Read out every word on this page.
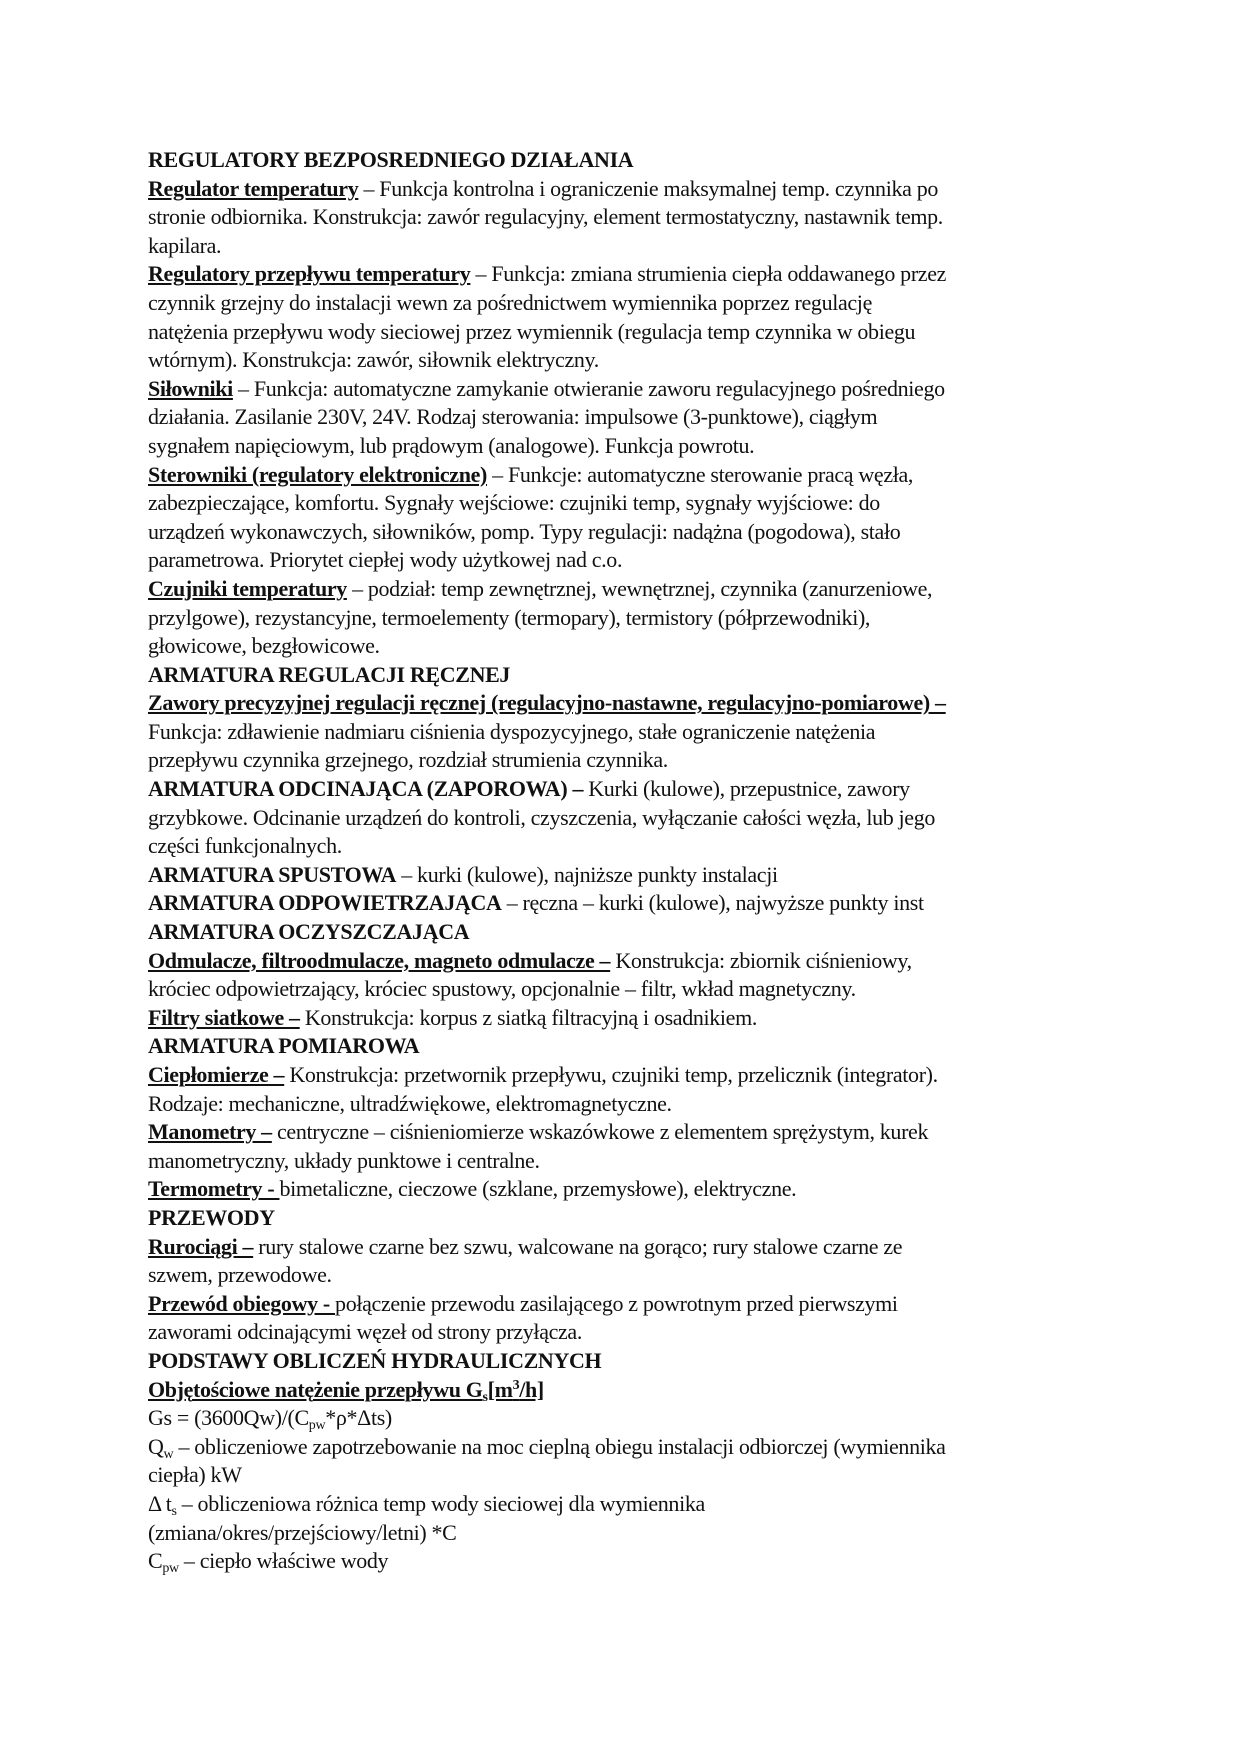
REGULATORY BEZPOSREDNIEGO DZIAŁANIA
Regulator temperatury – Funkcja kontrolna i ograniczenie maksymalnej temp. czynnika po
stronie odbiornika. Konstrukcja: zawór regulacyjny, element termostatyczny, nastawnik temp.
kapilara.
Regulatory przepływu temperatury – Funkcja: zmiana strumienia ciepła oddawanego przez
czynnik grzejny do instalacji wewn za pośrednictwem wymiennika poprzez regulację
natężenia przepływu wody sieciowej przez wymiennik (regulacja temp czynnika w obiegu
wtórnym). Konstrukcja: zawór, siłownik elektryczny.
Siłowniki – Funkcja: automatyczne zamykanie otwieranie zaworu regulacyjnego pośredniego
działania. Zasilanie 230V, 24V. Rodzaj sterowania: impulsowe (3-punktowe), ciągłym
sygnałem napięciowym, lub prądowym (analogowe). Funkcja powrotu.
Sterowniki (regulatory elektroniczne) – Funkcje: automatyczne sterowanie pracą węzła,
zabezpieczające, komfortu. Sygnały wejściowe: czujniki temp, sygnały wyjściowe: do
urządzeń wykonawczych, siłowników, pomp. Typy regulacji: nadążna (pogodowa), stało
parametrowa. Priorytet ciepłej wody użytkowej nad c.o.
Czujniki temperatury – podział: temp zewnętrznej, wewnętrznej, czynnika (zanurzeniowe,
przylgowe), rezystancyjne, termoelementy (termopary), termistory (półprzewodniki),
głowicowe, bezgłowicowe.
ARMATURA REGULACJI RĘCZNEJ
Zawory precyzyjnej regulacji ręcznej (regulacyjno-nastawne, regulacyjno-pomiarowe) –
Funkcja: zdławienie nadmiaru ciśnienia dyspozycyjnego, stałe ograniczenie natężenia
przepływu czynnika grzejnego, rozdział strumienia czynnika.
ARMATURA ODCINAJĄCA (ZAPOROWA) – Kurki (kulowe), przepustnice, zawory
grzybkowe. Odcinanie urządzeń do kontroli, czyszczenia, wyłączanie całości węzła, lub jego
części funkcjonalnych.
ARMATURA SPUSTOWA – kurki (kulowe), najniższe punkty instalacji
ARMATURA ODPOWIETRZAJĄCA – ręczna – kurki (kulowe), najwyższe punkty inst
ARMATURA OCZYSZCZAJĄCA
Odmulacze, filtroodmulacze, magneto odmulacze – Konstrukcja: zbiornik ciśnieniowy,
króciec odpowietrzający, króciec spustowy, opcjonalnie – filtr, wkład magnetyczny.
Filtry siatkowe – Konstrukcja: korpus z siatką filtracyjną i osadnikiem.
ARMATURA POMIAROWA
Ciepłomierze – Konstrukcja: przetwornik przepływu, czujniki temp, przelicznik (integrator).
Rodzaje: mechaniczne, ultradźwiękowe, elektromagnetyczne.
Manometry – centryczne – ciśnieniomierze wskazówkowe z elementem sprężystym, kurek
manometryczny, układy punktowe i centralne.
Termometry - bimetaliczne, cieczowe (szklane, przemysłowe), elektryczne.
PRZEWODY
Rurociągi – rury stalowe czarne bez szwu, walcowane na gorąco; rury stalowe czarne ze
szwem, przewodowe.
Przewód obiegowy - połączenie przewodu zasilającego z powrotnym przed pierwszymi
zaworami odcinającymi węzeł od strony przyłącza.
PODSTAWY OBLICZEŃ HYDRAULICZNYCH
Objętościowe natężenie przepływu $G_s[m^3/h]$
$Gs = (3600Qw)/(C_{pw}*\rho*\Delta ts)$
$Q_w$ – obliczeniowe zapotrzebowanie na moc cieplną obiegu instalacji odbiorczej (wymiennika
ciepła) kW
Δ $t_s$ – obliczeniowa różnica temp wody sieciowej dla wymiennika
(zmiana/okres/przejściowy/letni) *C
$C_{pw}$ – ciepło właściwe wody
